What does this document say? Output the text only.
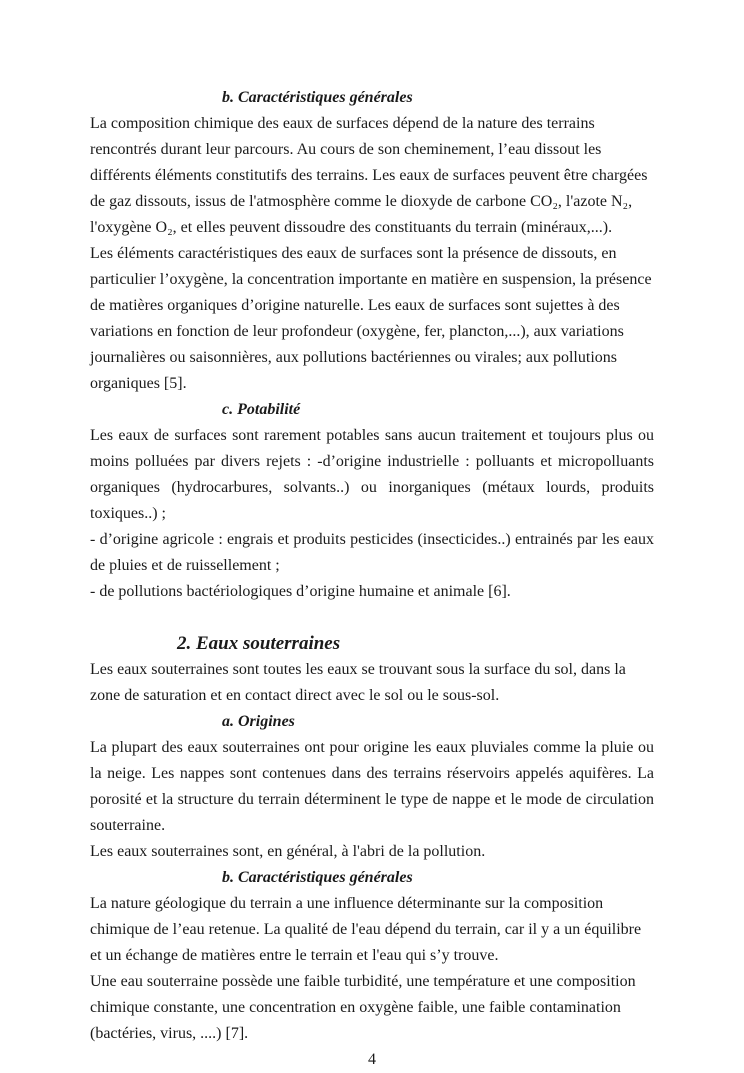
b. Caractéristiques générales

La composition chimique des eaux de surfaces dépend de la nature des terrains rencontrés durant leur parcours. Au cours de son cheminement, l’eau dissout les différents éléments constitutifs des terrains. Les eaux de surfaces peuvent être chargées de gaz dissouts, issus de l'atmosphère comme le dioxyde de carbone CO₂, l'azote N₂, l'oxygène O₂, et elles peuvent dissoudre des constituants du terrain (minéraux,...).

Les éléments caractéristiques des eaux de surfaces sont la présence de dissouts, en particulier l’oxygène, la concentration importante en matière en suspension, la présence de matières organiques d’origine naturelle. Les eaux de surfaces sont sujettes à des variations en fonction de leur profondeur (oxygène, fer, plancton,...), aux variations journalières ou saisonnières, aux pollutions bactériennes ou virales; aux pollutions organiques [5].

c. Potabilité

Les eaux de surfaces sont rarement potables sans aucun traitement et toujours plus ou moins polluées par divers rejets : -d’origine industrielle : polluants et micropolluants organiques (hydrocarbures, solvants..) ou inorganiques (métaux lourds, produits toxiques..) ;

- d’origine agricole : engrais et produits pesticides (insecticides..) entrainés par les eaux de pluies et de ruissellement ;

- de pollutions bactériologiques d’origine humaine et animale [6].

2. Eaux souterraines

Les eaux souterraines sont toutes les eaux se trouvant sous la surface du sol, dans la zone de saturation et en contact direct avec le sol ou le sous-sol.

a. Origines

La plupart des eaux souterraines ont pour origine les eaux pluviales comme la pluie ou la neige. Les nappes sont contenues dans des terrains réservoirs appelés aquifères. La porosité et la structure du terrain déterminent le type de nappe et le mode de circulation souterraine.

Les eaux souterraines sont, en général, à l'abri de la pollution.

b. Caractéristiques générales

La nature géologique du terrain a une influence déterminante sur la composition chimique de l’eau retenue. La qualité de l'eau dépend du terrain, car il y a un équilibre et un échange de matières entre le terrain et l'eau qui s’y trouve.

Une eau souterraine possède une faible turbidité, une température et une composition chimique constante, une concentration en oxygène faible, une faible contamination (bactéries, virus, ....) [7].

4
